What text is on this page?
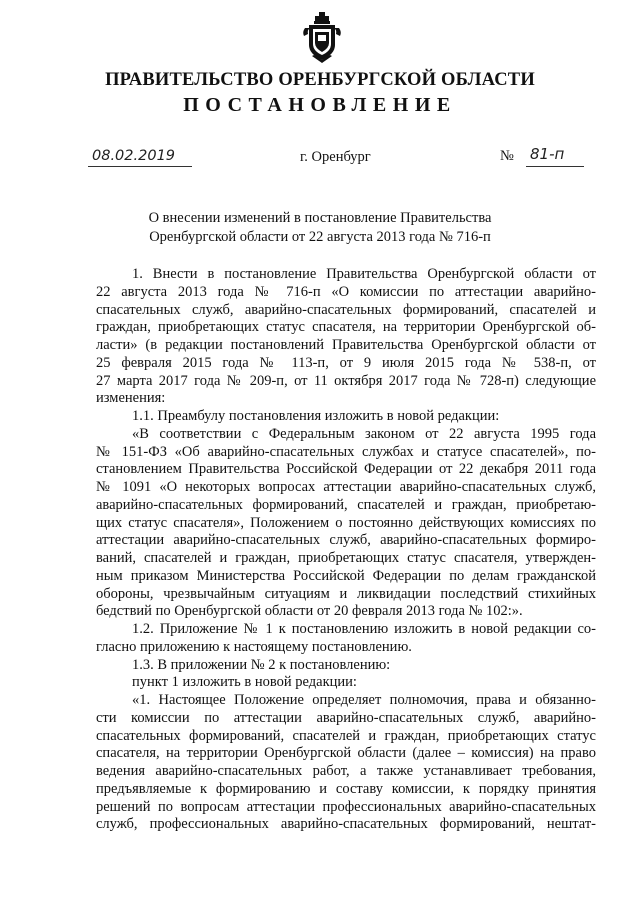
ПРАВИТЕЛЬСТВО ОРЕНБУРГСКОЙ ОБЛАСТИ
ПОСТАНОВЛЕНИЕ
08.02.2019	г. Оренбург	№ 81-п
О внесении изменений в постановление Правительства
Оренбургской области от 22 августа 2013 года № 716-п

1. Внести в постановление Правительства Оренбургской области от

22 августа 2013 года № 716-п «О комиссии по аттестации аварийно-

спасательных служб, аварийно-спасательных формирований, спасателей и

граждан, приобретающих статус спасателя, на территории Оренбургской об-

ласти» (в редакции постановлений Правительства Оренбургской области от

25 февраля 2015 года № 113-п, от 9 июля 2015 года № 538-п, от

27 марта 2017 года № 209-п, от 11 октября 2017 года № 728-п) следующие

изменения:

1.1. Преамбулу постановления изложить в новой редакции:

«В соответствии с Федеральным законом от 22 августа 1995 года

№ 151-ФЗ «Об аварийно-спасательных службах и статусе спасателей», по-

становлением Правительства Российской Федерации от 22 декабря 2011 года

№ 1091 «О некоторых вопросах аттестации аварийно-спасательных служб,

аварийно-спасательных формирований, спасателей и граждан, приобретаю-

щих статус спасателя», Положением о постоянно действующих комиссиях по

аттестации аварийно-спасательных служб, аварийно-спасательных формиро-

ваний, спасателей и граждан, приобретающих статус спасателя, утвержден-

ным приказом Министерства Российской Федерации по делам гражданской

обороны, чрезвычайным ситуациям и ликвидации последствий стихийных

бедствий по Оренбургской области от 20 февраля 2013 года № 102:».

1.2. Приложение № 1 к постановлению изложить в новой редакции со-

гласно приложению к настоящему постановлению.

1.3. В приложении № 2 к постановлению:

пункт 1 изложить в новой редакции:

«1. Настоящее Положение определяет полномочия, права и обязанно-

сти комиссии по аттестации аварийно-спасательных служб, аварийно-

спасательных формирований, спасателей и граждан, приобретающих статус

спасателя, на территории Оренбургской области (далее – комиссия) на право

ведения аварийно-спасательных работ, а также устанавливает требования,

предъявляемые к формированию и составу комиссии, к порядку принятия

решений по вопросам аттестации профессиональных аварийно-спасательных

служб, профессиональных аварийно-спасательных формирований, нештат-
